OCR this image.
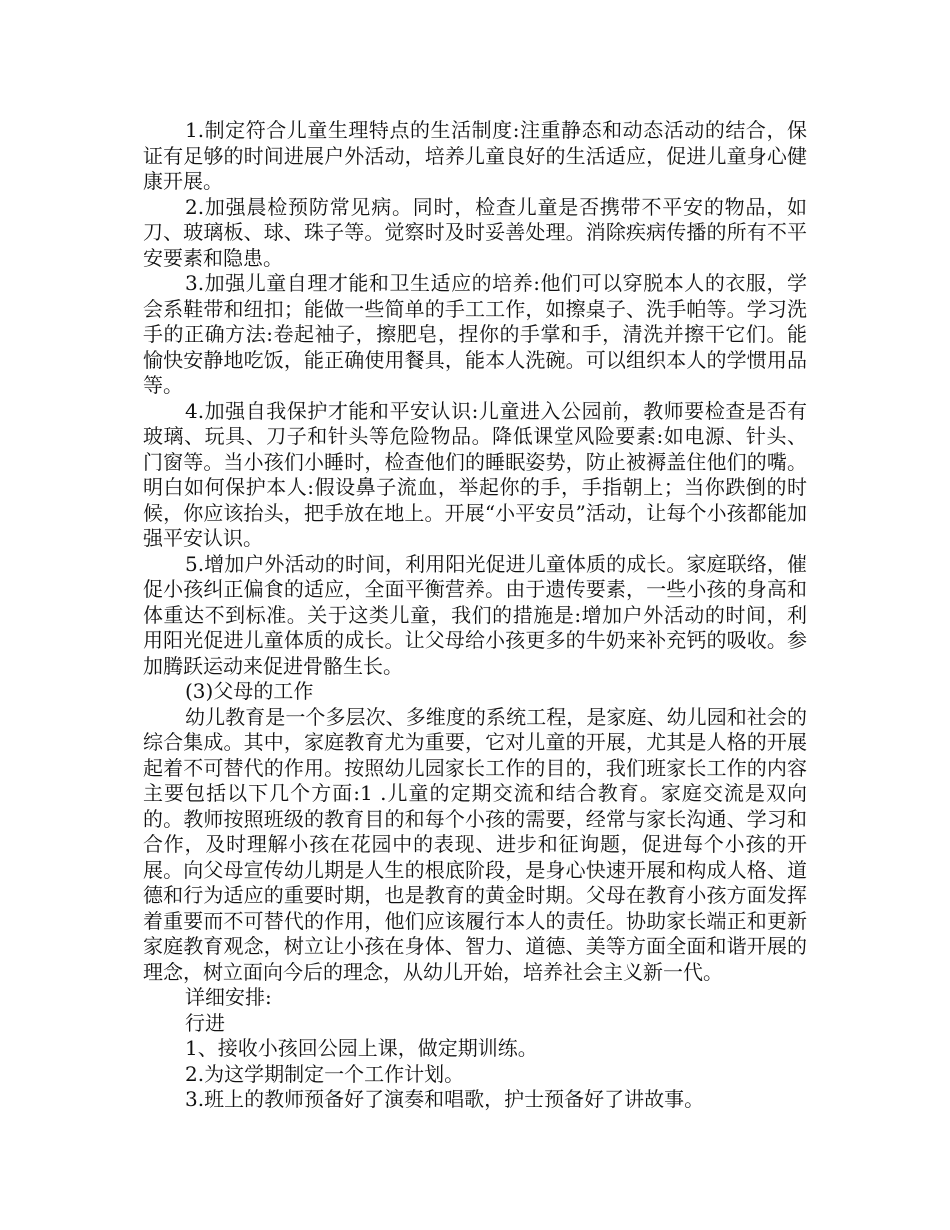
1.制定符合儿童生理特点的生活制度:注重静态和动态活动的结合，保证有足够的时间进展户外活动，培养儿童良好的生活适应，促进儿童身心健康开展。

2.加强晨检预防常见病。同时，检查儿童是否携带不平安的物品，如刀、玻璃板、球、珠子等。觉察时及时妥善处理。消除疾病传播的所有不平安要素和隐患。

3.加强儿童自理才能和卫生适应的培养:他们可以穿脱本人的衣服，学会系鞋带和纽扣；能做一些简单的手工工作，如擦桌子、洗手帕等。学习洗手的正确方法:卷起袖子，擦肥皂，捏你的手掌和手，清洗并擦干它们。能愉快安静地吃饭，能正确使用餐具，能本人洗碗。可以组织本人的学惯用品等。

4.加强自我保护才能和平安认识:儿童进入公园前，教师要检查是否有玻璃、玩具、刀子和针头等危险物品。降低课堂风险要素:如电源、针头、门窗等。当小孩们小睡时，检查他们的睡眠姿势，防止被褥盖住他们的嘴。明白如何保护本人:假设鼻子流血，举起你的手，手指朝上；当你跌倒的时候，你应该抬头，把手放在地上。开展“小平安员”活动，让每个小孩都能加强平安认识。

5.增加户外活动的时间，利用阳光促进儿童体质的成长。家庭联络，催促小孩纠正偏食的适应，全面平衡营养。由于遗传要素，一些小孩的身高和体重达不到标准。关于这类儿童，我们的措施是:增加户外活动的时间，利用阳光促进儿童体质的成长。让父母给小孩更多的牛奶来补充钙的吸收。参加腾跃运动来促进骨骼生长。

(3)父母的工作

幼儿教育是一个多层次、多维度的系统工程，是家庭、幼儿园和社会的综合集成。其中，家庭教育尤为重要，它对儿童的开展，尤其是人格的开展起着不可替代的作用。按照幼儿园家长工作的目的，我们班家长工作的内容主要包括以下几个方面:1 .儿童的定期交流和结合教育。家庭交流是双向的。教师按照班级的教育目的和每个小孩的需要，经常与家长沟通、学习和合作，及时理解小孩在花园中的表现、进步和征询题，促进每个小孩的开展。向父母宣传幼儿期是人生的根底阶段，是身心快速开展和构成人格、道德和行为适应的重要时期，也是教育的黄金时期。父母在教育小孩方面发挥着重要而不可替代的作用，他们应该履行本人的责任。协助家长端正和更新家庭教育观念，树立让小孩在身体、智力、道德、美等方面全面和谐开展的理念，树立面向今后的理念，从幼儿开始，培养社会主义新一代。

详细安排:

行进

1、接收小孩回公园上课，做定期训练。

2.为这学期制定一个工作计划。

3.班上的教师预备好了演奏和唱歌，护士预备好了讲故事。
